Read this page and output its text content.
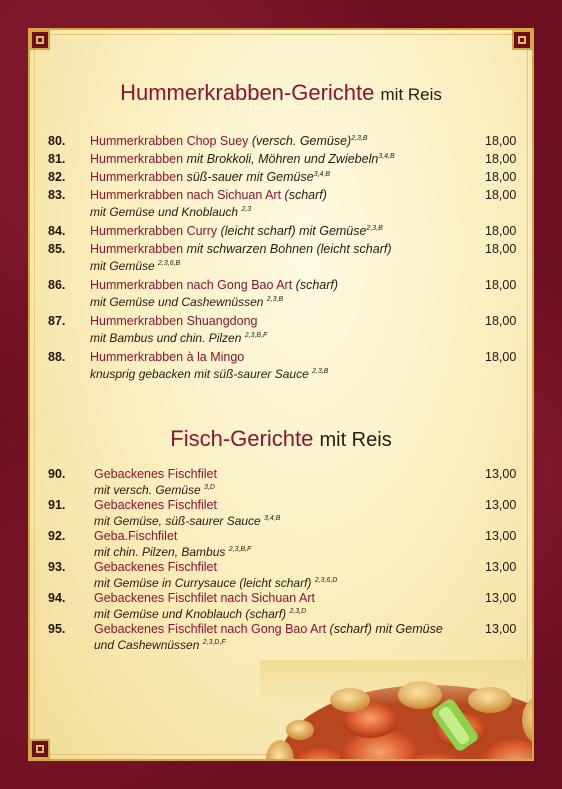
Hummerkrabben-Gerichte mit Reis
80. Hummerkrabben Chop Suey (versch. Gemüse)$^{2,3,B}$	18,00
81. Hummerkrabben mit Brokkoli, Möhren und Zwiebeln$^{3,4,B}$	18,00
82. Hummerkrabben süß-sauer mit Gemüse$^{3,4,B}$	18,00
83. Hummerkrabben nach Sichuan Art (scharf)	18,00
mit Gemüse und Knoblauch $^{2,3}$
84. Hummerkrabben Curry (leicht scharf) mit Gemüse$^{2,3,B}$	18,00
85. Hummerkrabben mit schwarzen Bohnen (leicht scharf)	18,00
mit Gemüse $^{2,3,6,B}$
86. Hummerkrabben nach Gong Bao Art (scharf)	18,00
mit Gemüse und Cashewnüssen $^{2,3,B}$
87. Hummerkrabben Shuangdong	18,00
mit Bambus und chin. Pilzen $^{2,3,B,F}$
88. Hummerkrabben à la Mingo	18,00
knusprig gebacken mit süß-saurer Sauce $^{2,3,B}$
Fisch-Gerichte mit Reis
90. Gebackenes Fischfilet	13,00
mit versch. Gemüse $^{3,D}$
91. Gebackenes Fischfilet	13,00
mit Gemüse, süß-saurer Sauce $^{3,4,B}$
92. Geba.Fischfilet	13,00
mit chin. Pilzen, Bambus $^{2,3,B,F}$
93. Gebackenes Fischfilet	13,00
mit Gemüse in Currysauce (leicht scharf) $^{2,3,6,D}$
94. Gebackenes Fischfilet nach Sichuan Art	13,00
mit Gemüse und Knoblauch (scharf) $^{2,3,D}$
95. Gebackenes Fischfilet nach Gong Bao Art (scharf) mit Gemüse	13,00
und Cashewnüssen $^{2,3,D,F}$
